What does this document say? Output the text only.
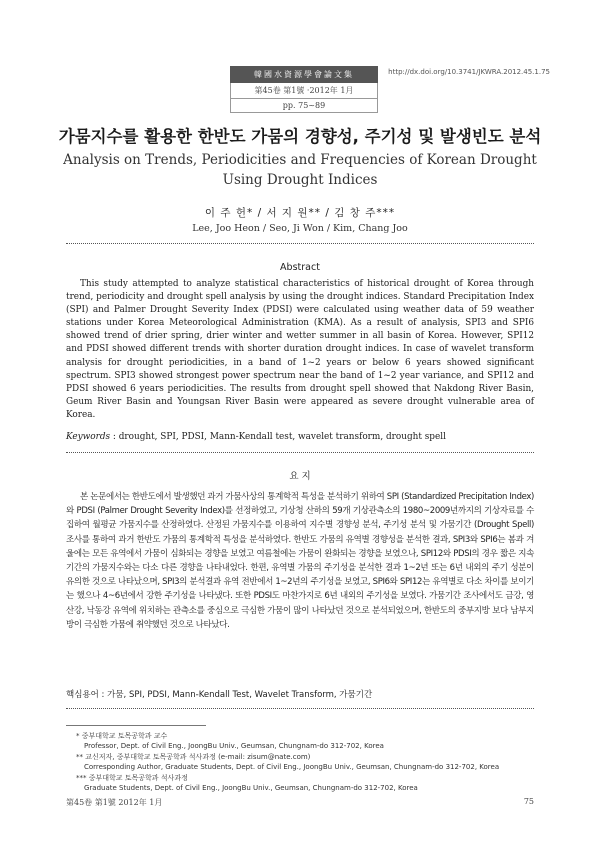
韓國水資源學會論文集
第45卷 第1號 ·2012年 1月
pp. 75~89
http://dx.doi.org/10.3741/JKWRA.2012.45.1.75
가뭄지수를 활용한 한반도 가뭄의 경향성, 주기성 및 발생빈도 분석
Analysis on Trends, Periodicities and Frequencies of Korean Drought Using Drought Indices
이 주 헌* / 서 지 원** / 김 창 주***
Lee, Joo Heon / Seo, Ji Won / Kim, Chang Joo
Abstract

This study attempted to analyze statistical characteristics of historical drought of Korea through trend, periodicity and drought spell analysis by using the drought indices. Standard Precipitation Index (SPI) and Palmer Drought Severity Index (PDSI) were calculated using weather data of 59 weather stations under Korea Meteorological Administration (KMA). As a result of analysis, SPI3 and SPI6 showed trend of drier spring, drier winter and wetter summer in all basin of Korea. However, SPI12 and PDSI showed different trends with shorter duration drought indices. In case of wavelet transform analysis for drought periodicities, in a band of 1~2 years or below 6 years showed significant spectrum. SPI3 showed strongest power spectrum near the band of 1~2 year variance, and SPI12 and PDSI showed 6 years periodicities. The results from drought spell showed that Nakdong River Basin, Geum River Basin and Youngsan River Basin were appeared as severe drought vulnerable area of Korea.

Keywords : drought, SPI, PDSI, Mann-Kendall test, wavelet transform, drought spell
요 지

본 논문에서는 한반도에서 발생했던 과거 가뭄사상의 통계학적 특성을 분석하기 위하여 SPI (Standardized Precipitation Index)와 PDSI (Palmer Drought Severity Index)를 선정하였고, 기상청 산하의 59개 기상관측소의 1980~2009년까지의 기상자료를 수집하여 월평균 가뭄지수를 산정하였다. 산정된 가뭄지수를 이용하여 지수별 경향성 분석, 주기성 분석 및 가뭄기간 (Drought Spell) 조사를 통하여 과거 한반도 가뭄의 통계학적 특성을 분석하였다. 한반도 가뭄의 유역별 경향성을 분석한 결과, SPI3와 SPI6는 봄과 겨울에는 모든 유역에서 가뭄이 심화되는 경향을 보였고 여름철에는 가뭄이 완화되는 경향을 보였으나, SPI12와 PDSI의 경우 짧은 지속기간의 가뭄지수와는 다소 다른 경향을 나타내었다. 한편, 유역별 가뭄의 주기성을 분석한 결과 1~2년 또는 6년 내외의 주기 성분이 유의한 것으로 나타났으며, SPI3의 분석결과 유역 전반에서 1~2년의 주기성을 보였고, SPI6와 SPI12는 유역별로 다소 차이를 보이기는 했으나 4~6년에서 강한 주기성을 나타냈다. 또한 PDSI도 마찬가지로 6년 내외의 주기성을 보였다. 가뭄기간 조사에서도 금강, 영산강, 낙동강 유역에 위치하는 관측소를 중심으로 극심한 가뭄이 많이 나타났던 것으로 분석되었으며, 한반도의 중부지방 보다 남부지방이 극심한 가뭄에 취약했던 것으로 나타났다.

핵심용어 : 가뭄, SPI, PDSI, Mann-Kendall Test, Wavelet Transform, 가뭄기간
* 중부대학교 토목공학과 교수
Professor, Dept. of Civil Eng., JoongBu Univ., Geumsan, Chungnam-do 312-702, Korea
** 교신저자, 중부대학교 토목공학과 석사과정 (e-mail: zisum@nate.com)
Corresponding Author, Graduate Students, Dept. of Civil Eng., JoongBu Univ., Geumsan, Chungnam-do 312-702, Korea
*** 중부대학교 토목공학과 석사과정
Graduate Students, Dept. of Civil Eng., JoongBu Univ., Geumsan, Chungnam-do 312-702, Korea
第45卷 第1號 2012年 1月	75
